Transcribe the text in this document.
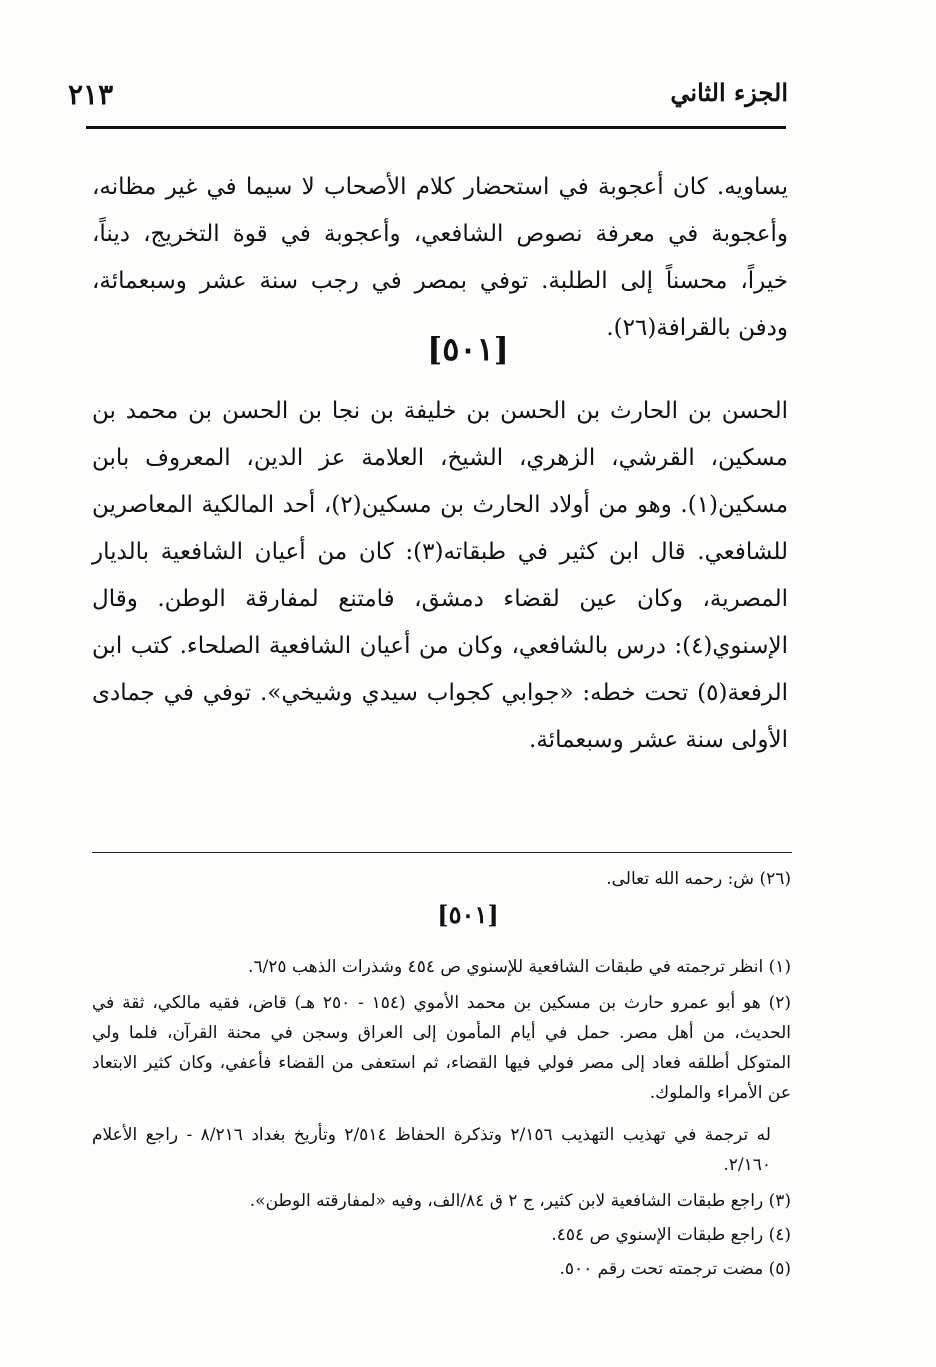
الجزء الثاني
٢١٣
يساويه. كان أعجوبة في استحضار كلام الأصحاب لا سيما في غير مظانه، وأعجوبة في معرفة نصوص الشافعي، وأعجوبة في قوة التخريج، ديناً، خيراً، محسناً إلى الطلبة. توفي بمصر في رجب سنة عشر وسبعمائة، ودفن بالقرافة(٢٦).
[٥٠١]
الحسن بن الحارث بن الحسن بن خليفة بن نجا بن الحسن بن محمد بن مسكين، القرشي، الزهري، الشيخ، العلامة عز الدين، المعروف بابن مسكين(١). وهو من أولاد الحارث بن مسكين(٢)، أحد المالكية المعاصرين للشافعي. قال ابن كثير في طبقاته(٣): كان من أعيان الشافعية بالديار المصرية، وكان عين لقضاء دمشق، فامتنع لمفارقة الوطن. وقال الإسنوي(٤): درس بالشافعي، وكان من أعيان الشافعية الصلحاء. كتب ابن الرفعة(٥) تحت خطه: «جوابي كجواب سيدي وشيخي». توفي في جمادى الأولى سنة عشر وسبعمائة.
(٢٦) ش: رحمه الله تعالى.
[٥٠١]
(١) انظر ترجمته في طبقات الشافعية للإسنوي ص ٤٥٤ وشذرات الذهب ٦/٢٥.
(٢) هو أبو عمرو حارث بن مسكين بن محمد الأموي (١٥٤ - ٢٥٠ هـ) قاض، فقيه مالكي، ثقة في الحديث، من أهل مصر. حمل في أيام المأمون إلى العراق وسجن في محنة القرآن، فلما ولي المتوكل أطلقه فعاد إلى مصر فولي فيها القضاء، ثم استعفى من القضاء فأعفي، وكان كثير الابتعاد عن الأمراء والملوك.
له ترجمة في تهذيب التهذيب ٢/١٥٦ وتذكرة الحفاظ ٢/٥١٤ وتأريخ بغداد ٨/٢١٦ - راجع الأعلام ٢/١٦٠.
(٣) راجع طبقات الشافعية لابن كثير، ج ٢ ق ٨٤/الف، وفيه «لمفارقته الوطن».
(٤) راجع طبقات الإسنوي ص ٤٥٤.
(٥) مضت ترجمته تحت رقم ٥٠٠.
